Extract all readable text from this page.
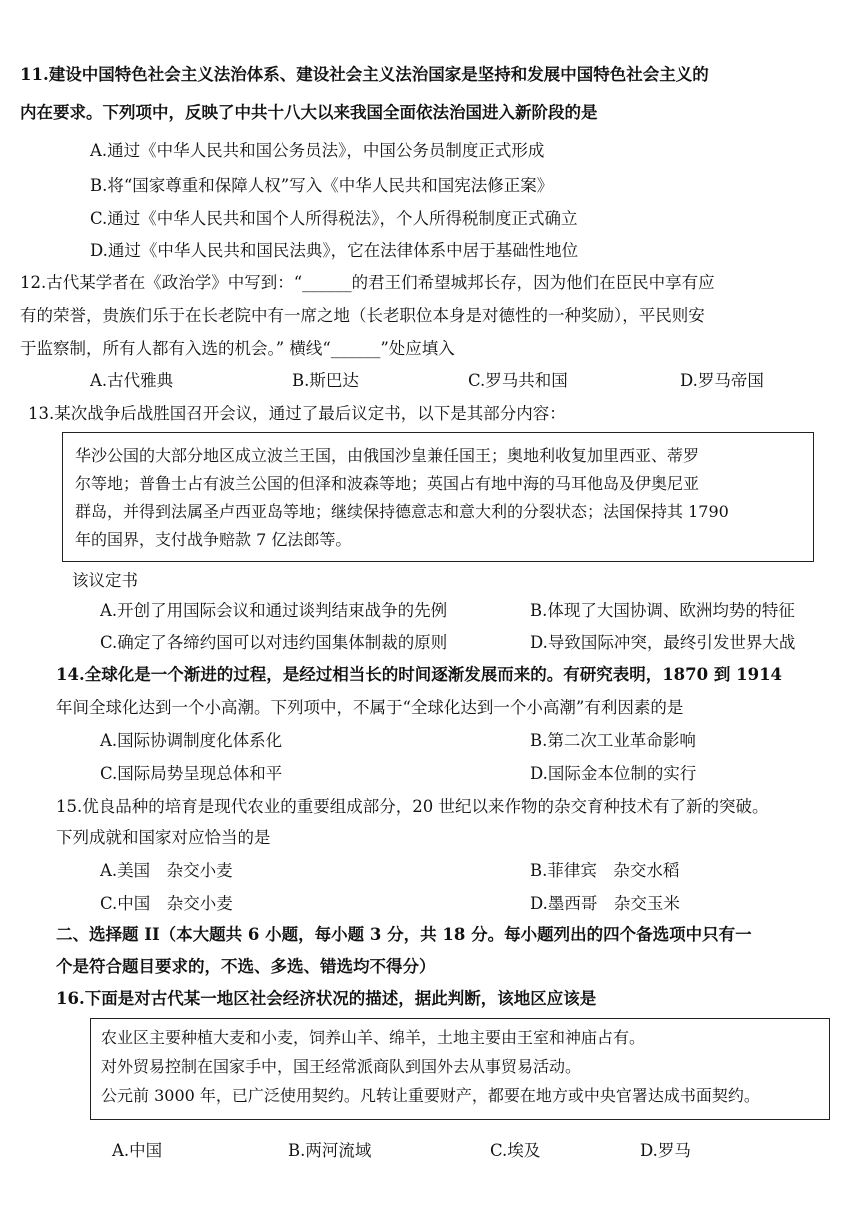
11.建设中国特色社会主义法治体系、建设社会主义法治国家是坚持和发展中国特色社会主义的
内在要求。下列项中，反映了中共十八大以来我国全面依法治国进入新阶段的是
A.通过《中华人民共和国公务员法》，中国公务员制度正式形成
B.将“国家尊重和保障人权”写入《中华人民共和国宪法修正案》
C.通过《中华人民共和国个人所得税法》，个人所得税制度正式确立
D.通过《中华人民共和国民法典》，它在法律体系中居于基础性地位
12.古代某学者在《政治学》中写到：“______的君王们希望城邦长存，因为他们在臣民中享有应
有的荣誉，贵族们乐于在长老院中有一席之地（长老职位本身是对德性的一种奖励），平民则安
于监察制，所有人都有入选的机会。” 横线“______”处应填入
A.古代雅典	B.斯巴达	C.罗马共和国	D.罗马帝国
13.某次战争后战胜国召开会议，通过了最后议定书，以下是其部分内容：
华沙公国的大部分地区成立波兰王国，由俄国沙皇兼任国王；奥地利收复加里西亚、蒂罗
尔等地；普鲁士占有波兰公国的但泽和波森等地；英国占有地中海的马耳他岛及伊奥尼亚
群岛，并得到法属圣卢西亚岛等地；继续保持德意志和意大利的分裂状态；法国保持其 1790
年的国界，支付战争赔款 7 亿法郎等。
该议定书
A.开创了用国际会议和通过谈判结束战争的先例	B.体现了大国协调、欧洲均势的特征
C.确定了各缔约国可以对违约国集体制裁的原则	D.导致国际冲突，最终引发世界大战
14.全球化是一个渐进的过程，是经过相当长的时间逐渐发展而来的。有研究表明，1870 到 1914
年间全球化达到一个小高潮。下列项中，不属于“全球化达到一个小高潮”有利因素的是
A.国际协调制度化体系化	B.第二次工业革命影响
C.国际局势呈现总体和平	D.国际金本位制的实行
15.优良品种的培育是现代农业的重要组成部分，20 世纪以来作物的杂交育种技术有了新的突破。
下列成就和国家对应恰当的是
A.美国　杂交小麦	B.菲律宾　杂交水稻
C.中国　杂交小麦	D.墨西哥　杂交玉米
二、选择题 II（本大题共 6 小题，每小题 3 分，共 18 分。每小题列出的四个备选项中只有一
个是符合题目要求的，不选、多选、错选均不得分）
16.下面是对古代某一地区社会经济状况的描述，据此判断，该地区应该是
农业区主要种植大麦和小麦，饲养山羊、绵羊，土地主要由王室和神庙占有。
对外贸易控制在国家手中，国王经常派商队到国外去从事贸易活动。
公元前 3000 年，已广泛使用契约。凡转让重要财产，都要在地方或中央官署达成书面契约。
A.中国	B.两河流域	C.埃及	D.罗马
